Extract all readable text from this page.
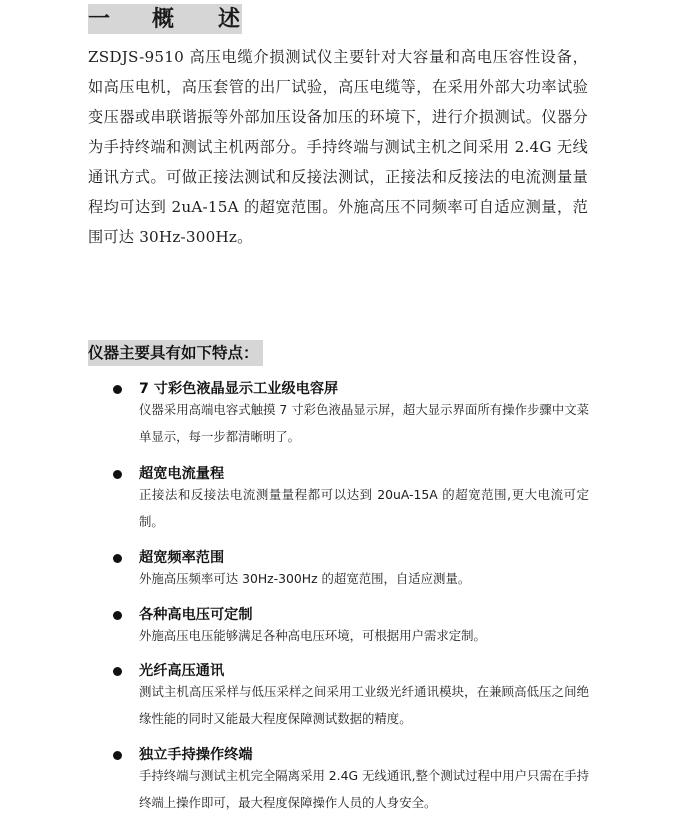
一 概 述
ZSDJS-9510 高压电缆介损测试仪主要针对大容量和高电压容性设备，如高压电机，高压套管的出厂试验，高压电缆等，在采用外部大功率试验变压器或串联谐振等外部加压设备加压的环境下，进行介损测试。仪器分为手持终端和测试主机两部分。手持终端与测试主机之间采用 2.4G 无线通讯方式。可做正接法测试和反接法测试，正接法和反接法的电流测量量程均可达到 2uA-15A 的超宽范围。外施高压不同频率可自适应测量，范围可达 30Hz-300Hz。
仪器主要具有如下特点：
7 寸彩色液晶显示工业级电容屏
仪器采用高端电容式触摸 7 寸彩色液晶显示屏，超大显示界面所有操作步骤中文菜单显示，每一步都清晰明了。
超宽电流量程
正接法和反接法电流测量量程都可以达到 20uA-15A 的超宽范围,更大电流可定制。
超宽频率范围
外施高压频率可达 30Hz-300Hz 的超宽范围，自适应测量。
各种高电压可定制
外施高压电压能够满足各种高电压环境，可根据用户需求定制。
光纤高压通讯
测试主机高压采样与低压采样之间采用工业级光纤通讯模块，在兼顾高低压之间绝缘性能的同时又能最大程度保障测试数据的精度。
独立手持操作终端
手持终端与测试主机完全隔离采用 2.4G 无线通讯,整个测试过程中用户只需在手持终端上操作即可，最大程度保障操作人员的人身安全。
